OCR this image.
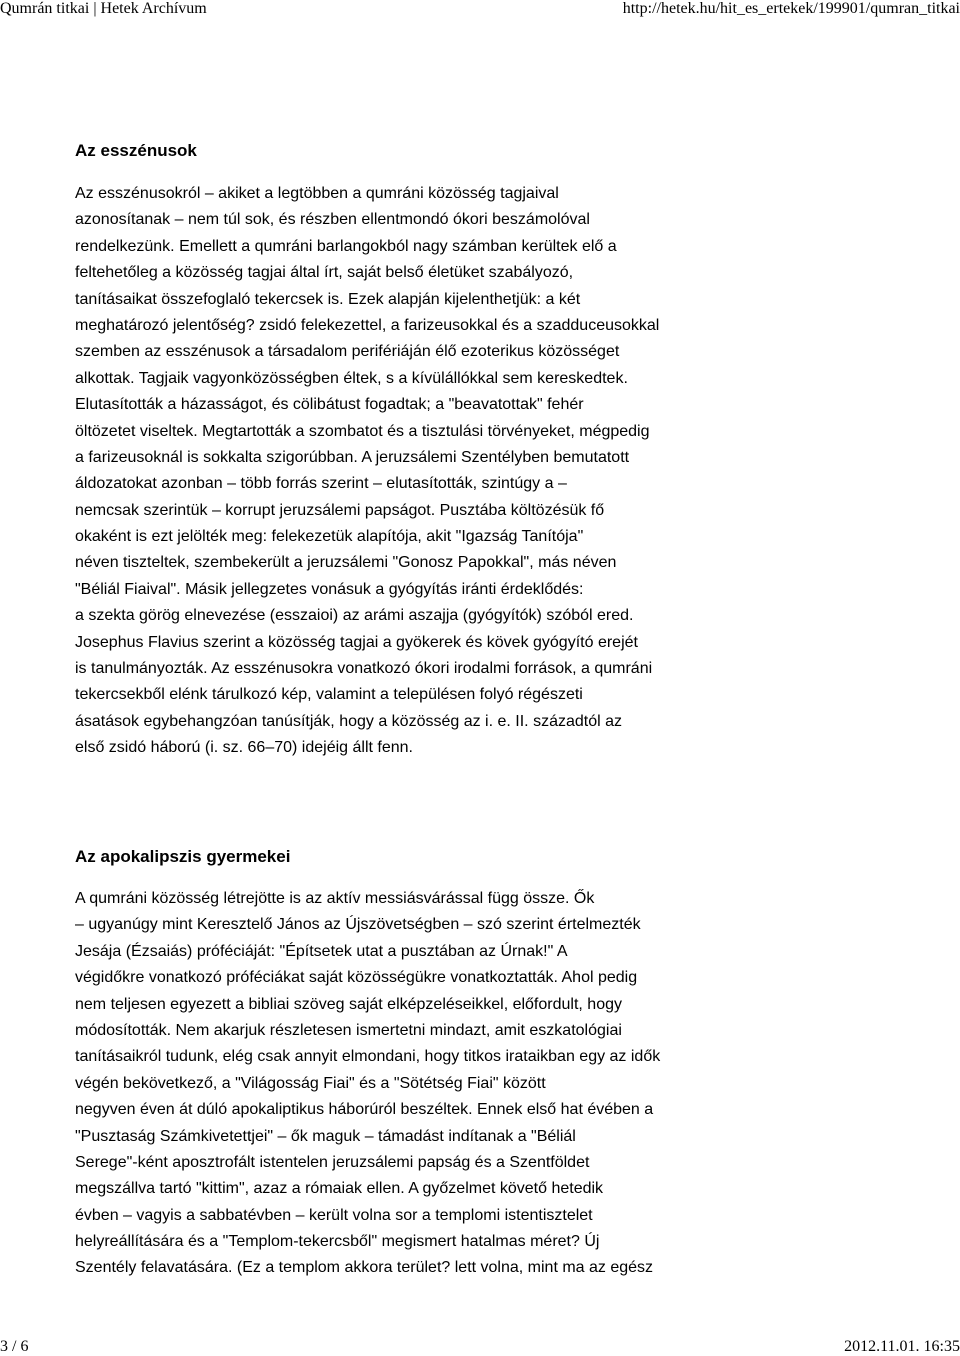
Qumrán titkai | Hetek Archívum	http://hetek.hu/hit_es_ertekek/199901/qumran_titkai
Az esszénusok
Az esszénusokról – akiket a legtöbben a qumráni közösség tagjaival
azonosítanak – nem túl sok, és részben ellentmondó ókori beszámolóval
rendelkezünk. Emellett a qumráni barlangokból nagy számban kerültek elő a
feltehetőleg a közösség tagjai által írt, saját belső életüket szabályozó,
tanításaikat összefoglaló tekercsek is. Ezek alapján kijelenthetjük: a két
meghatározó jelentőség? zsidó felekezettel, a farizeusokkal és a szadduceusokkal
szemben az esszénusok a társadalom perifériáján élő ezoterikus közösséget
alkottak. Tagjaik vagyonközösségben éltek, s a kívülállókkal sem kereskedtek.
Elutasították a házasságot, és cölibátust fogadtak; a "beavatottak" fehér
öltözetet viseltek. Megtartották a szombatot és a tisztulási törvényeket, mégpedig
a farizeusoknál is sokkalta szigorúbban. A jeruzsálemi Szentélyben bemutatott
áldozatokat azonban – több forrás szerint – elutasították, szintúgy a –
nemcsak szerintük – korrupt jeruzsálemi papságot. Pusztába költözésük fő
okaként is ezt jelölték meg: felekezetük alapítója, akit "Igazság Tanítója"
néven tiszteltek, szembekerült a jeruzsálemi "Gonosz Papokkal", más néven
"Béliál Fiaival". Másik jellegzetes vonásuk a gyógyítás iránti érdeklődés:
a szekta görög elnevezése (esszaioi) az arámi aszajja (gyógyítók) szóból ered.
Josephus Flavius szerint a közösség tagjai a gyökerek és kövek gyógyító erejét
is tanulmányozták. Az esszénusokra vonatkozó ókori irodalmi források, a qumráni
tekercsekből elénk tárulkozó kép, valamint a településen folyó régészeti
ásatások egybehangzóan tanúsítják, hogy a közösség az i. e. II. századtól az
első zsidó háború (i. sz. 66–70) idejéig állt fenn.
Az apokalipszis gyermekei
A qumráni közösség létrejötte is az aktív messiásvárással függ össze. Ők
– ugyanúgy mint Keresztelő János az Újszövetségben – szó szerint értelmezték
Jesája (Ézsaiás) próféciáját: "Építsetek utat a pusztában az Úrnak!" A
végidőkre vonatkozó próféciákat saját közösségükre vonatkoztatták. Ahol pedig
nem teljesen egyezett a bibliai szöveg saját elképzeléseikkel, előfordult, hogy
módosították. Nem akarjuk részletesen ismertetni mindazt, amit eszkatológiai
tanításaikról tudunk, elég csak annyit elmondani, hogy titkos irataikban egy az idők
végén bekövetkező, a "Világosság Fiai" és a "Sötétség Fiai" között
negyven éven át dúló apokaliptikus háborúról beszéltek. Ennek első hat évében a
"Pusztaság Számkivetettjei" – ők maguk – támadást indítanak a "Béliál
Serege"-ként aposztrofált istentelen jeruzsálemi papság és a Szentföldet
megszállva tartó "kittim", azaz a rómaiak ellen. A győzelmet követő hetedik
évben – vagyis a sabbatévben – került volna sor a templomi istentisztelet
helyreállítására és a "Templom-tekercsből" megismert hatalmas méret? Új
Szentély felavatására. (Ez a templom akkora terület? lett volna, mint ma az egész
3 / 6	2012.11.01. 16:35
